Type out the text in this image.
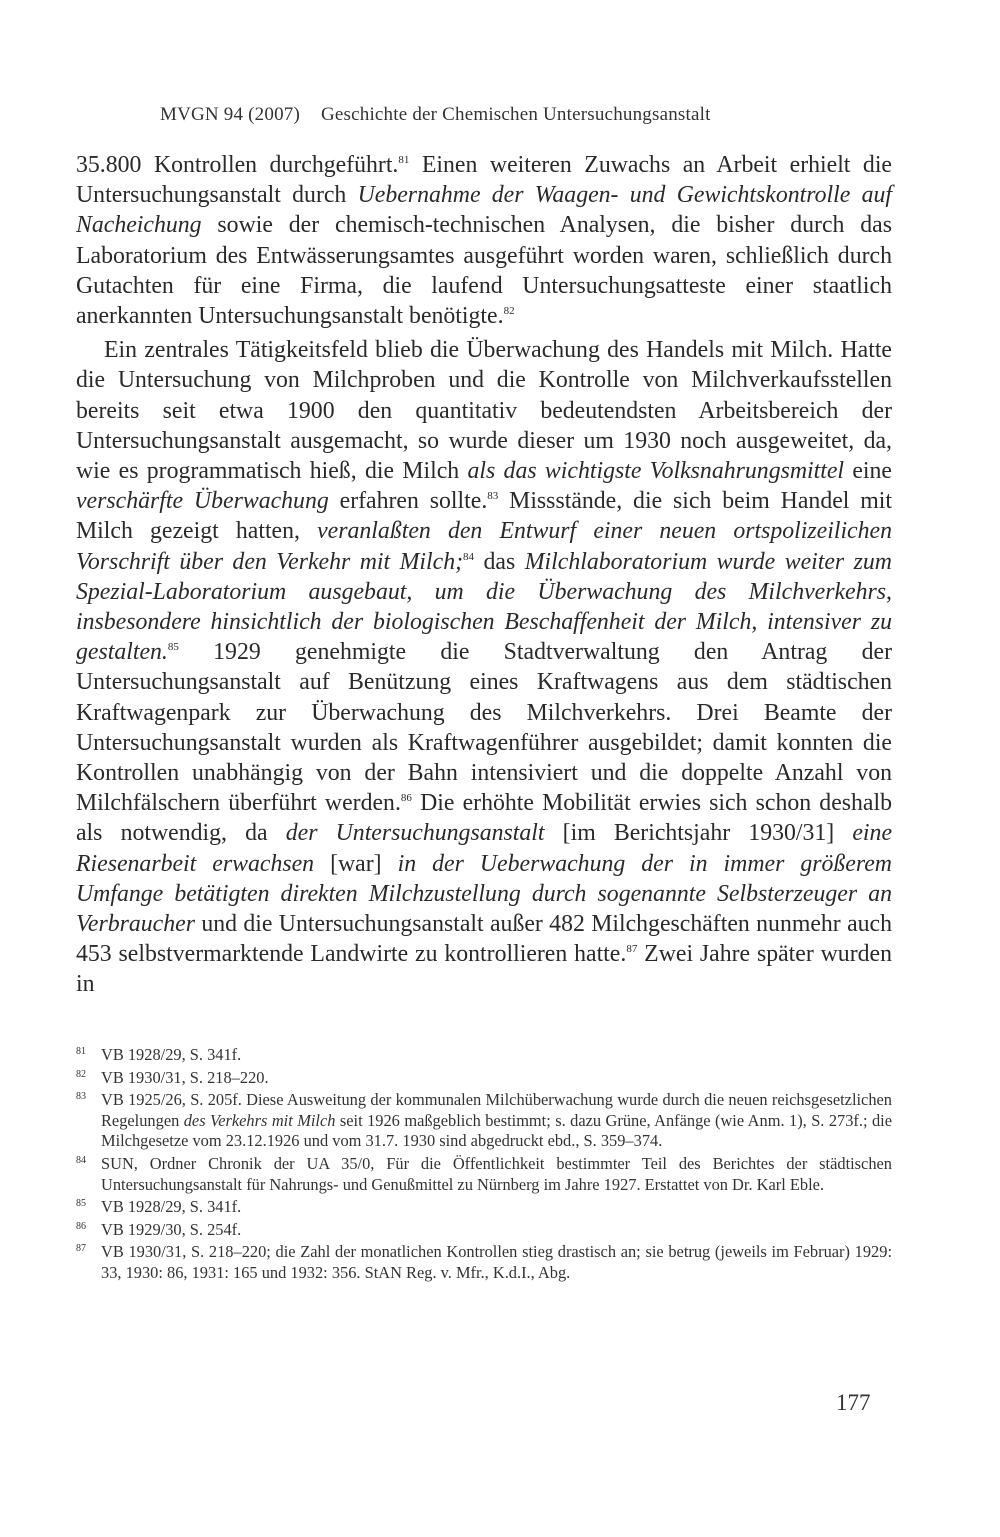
MVGN 94 (2007) Geschichte der Chemischen Untersuchungsanstalt

35.800 Kontrollen durchgeführt.$^{81}$ Einen weiteren Zuwachs an Arbeit erhielt die Untersuchungsanstalt durch Uebernahme der Waagen- und Gewichtskontrolle auf Nacheichung sowie der chemisch-technischen Analysen, die bisher durch das Laboratorium des Entwässerungsamtes ausgeführt worden waren, schließlich durch Gutachten für eine Firma, die laufend Untersuchungsatteste einer staatlich anerkannten Untersuchungsanstalt benötigte.$^{82}$

Ein zentrales Tätigkeitsfeld blieb die Überwachung des Handels mit Milch. Hatte die Untersuchung von Milchproben und die Kontrolle von Milchverkaufsstellen bereits seit etwa 1900 den quantitativ bedeutendsten Arbeitsbereich der Untersuchungsanstalt ausgemacht, so wurde dieser um 1930 noch ausgeweitet, da, wie es programmatisch hieß, die Milch als das wichtigste Volksnahrungsmittel eine verschärfte Überwachung erfahren sollte.$^{83}$ Missstände, die sich beim Handel mit Milch gezeigt hatten, veranlaßten den Entwurf einer neuen ortspolizeilichen Vorschrift über den Verkehr mit Milch;$^{84}$ das Milchlaboratorium wurde weiter zum Spezial-Laboratorium ausgebaut, um die Überwachung des Milchverkehrs, insbesondere hinsichtlich der biologischen Beschaffenheit der Milch, intensiver zu gestalten.$^{85}$ 1929 genehmigte die Stadtverwaltung den Antrag der Untersuchungsanstalt auf Benützung eines Kraftwagens aus dem städtischen Kraftwagenpark zur Überwachung des Milchverkehrs. Drei Beamte der Untersuchungsanstalt wurden als Kraftwagenführer ausgebildet; damit konnten die Kontrollen unabhängig von der Bahn intensiviert und die doppelte Anzahl von Milchfälschern überführt werden.$^{86}$ Die erhöhte Mobilität erwies sich schon deshalb als notwendig, da der Untersuchungsanstalt [im Berichtsjahr 1930/31] eine Riesenarbeit erwachsen [war] in der Ueberwachung der in immer größerem Umfange betätigten direkten Milchzustellung durch sogenannte Selbsterzeuger an Verbraucher und die Untersuchungsanstalt außer 482 Milchgeschäften nunmehr auch 453 selbstvermarktende Landwirte zu kontrollieren hatte.$^{87}$ Zwei Jahre später wurden in

81 VB 1928/29, S. 341f.
82 VB 1930/31, S. 218–220.
83 VB 1925/26, S. 205f. Diese Ausweitung der kommunalen Milchüberwachung wurde durch die neuen reichsgesetzlichen Regelungen des Verkehrs mit Milch seit 1926 maßgeblich bestimmt; s. dazu Grüne, Anfänge (wie Anm. 1), S. 273f.; die Milchgesetze vom 23.12.1926 und vom 31.7. 1930 sind abgedruckt ebd., S. 359–374.
84 SUN, Ordner Chronik der UA 35/0, Für die Öffentlichkeit bestimmter Teil des Berichtes der städtischen Untersuchungsanstalt für Nahrungs- und Genußmittel zu Nürnberg im Jahre 1927. Erstattet von Dr. Karl Eble.
85 VB 1928/29, S. 341f.
86 VB 1929/30, S. 254f.
87 VB 1930/31, S. 218–220; die Zahl der monatlichen Kontrollen stieg drastisch an; sie betrug (jeweils im Februar) 1929: 33, 1930: 86, 1931: 165 und 1932: 356. StAN Reg. v. Mfr., K.d.I., Abg.
177
